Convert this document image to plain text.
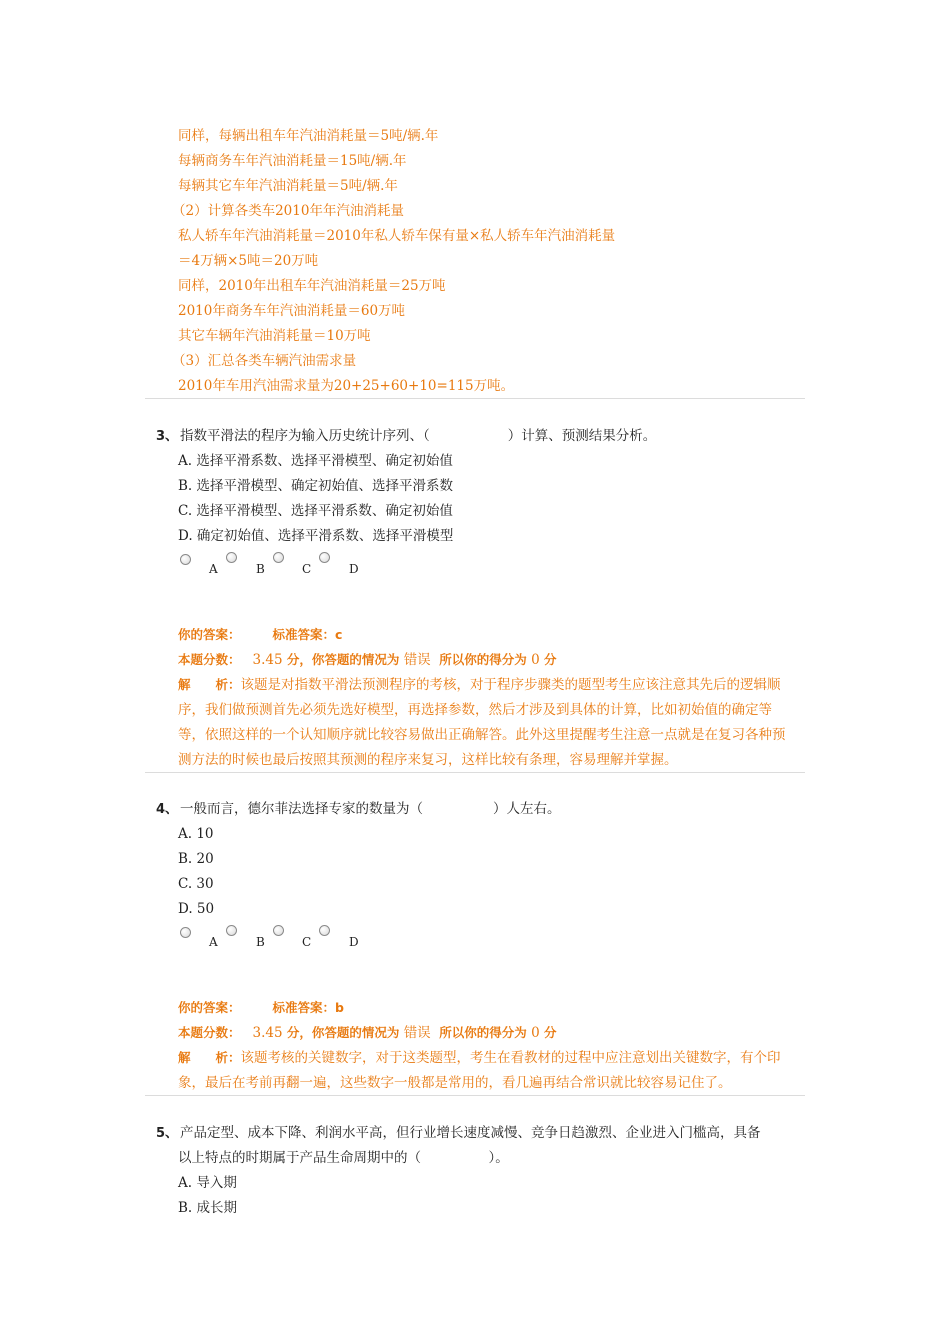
同样，每辆出租车年汽油消耗量＝5吨/辆.年
每辆商务车年汽油消耗量＝15吨/辆.年
每辆其它车年汽油消耗量＝5吨/辆.年
（2）计算各类车2010年年汽油消耗量
私人轿车年汽油消耗量＝2010年私人轿车保有量×私人轿车年汽油消耗量
＝4万辆×5吨＝20万吨
同样，2010年出租车年汽油消耗量＝25万吨
2010年商务车年汽油消耗量＝60万吨
其它车辆年汽油消耗量＝10万吨
（3）汇总各类车辆汽油需求量
2010年车用汽油需求量为20+25+60+10=115万吨。
3、 指数平滑法的程序为输入历史统计序列、（	）计算、预测结果分析。
A. 选择平滑系数、选择平滑模型、确定初始值
B. 选择平滑模型、确定初始值、选择平滑系数
C. 选择平滑模型、选择平滑系数、确定初始值
D. 确定初始值、选择平滑系数、选择平滑模型
A	B	C	D
你的答案：	标准答案：c
本题分数： 3.45 分，你答题的情况为 错误 所以你的得分为 0 分
解　　析：该题是对指数平滑法预测程序的考核，对于程序步骤类的题型考生应该注意其先后的逻辑顺序，我们做预测首先必须先选好模型，再选择参数，然后才涉及到具体的计算，比如初始值的确定等等，依照这样的一个认知顺序就比较容易做出正确解答。此外这里提醒考生注意一点就是在复习各种预测方法的时候也最后按照其预测的程序来复习，这样比较有条理，容易理解并掌握。
4、 一般而言，德尔菲法选择专家的数量为（	）人左右。
A. 10
B. 20
C. 30
D. 50
A	B	C	D
你的答案：	标准答案：b
本题分数： 3.45 分，你答题的情况为 错误 所以你的得分为 0 分
解　　析：该题考核的关键数字，对于这类题型，考生在看教材的过程中应注意划出关键数字，有个印象，最后在考前再翻一遍，这些数字一般都是常用的，看几遍再结合常识就比较容易记住了。
5、 产品定型、成本下降、利润水平高，但行业增长速度减慢、竞争日趋激烈、企业进入门槛高，具备
以上特点的时期属于产品生命周期中的（　　　　　）。
A. 导入期
B. 成长期
